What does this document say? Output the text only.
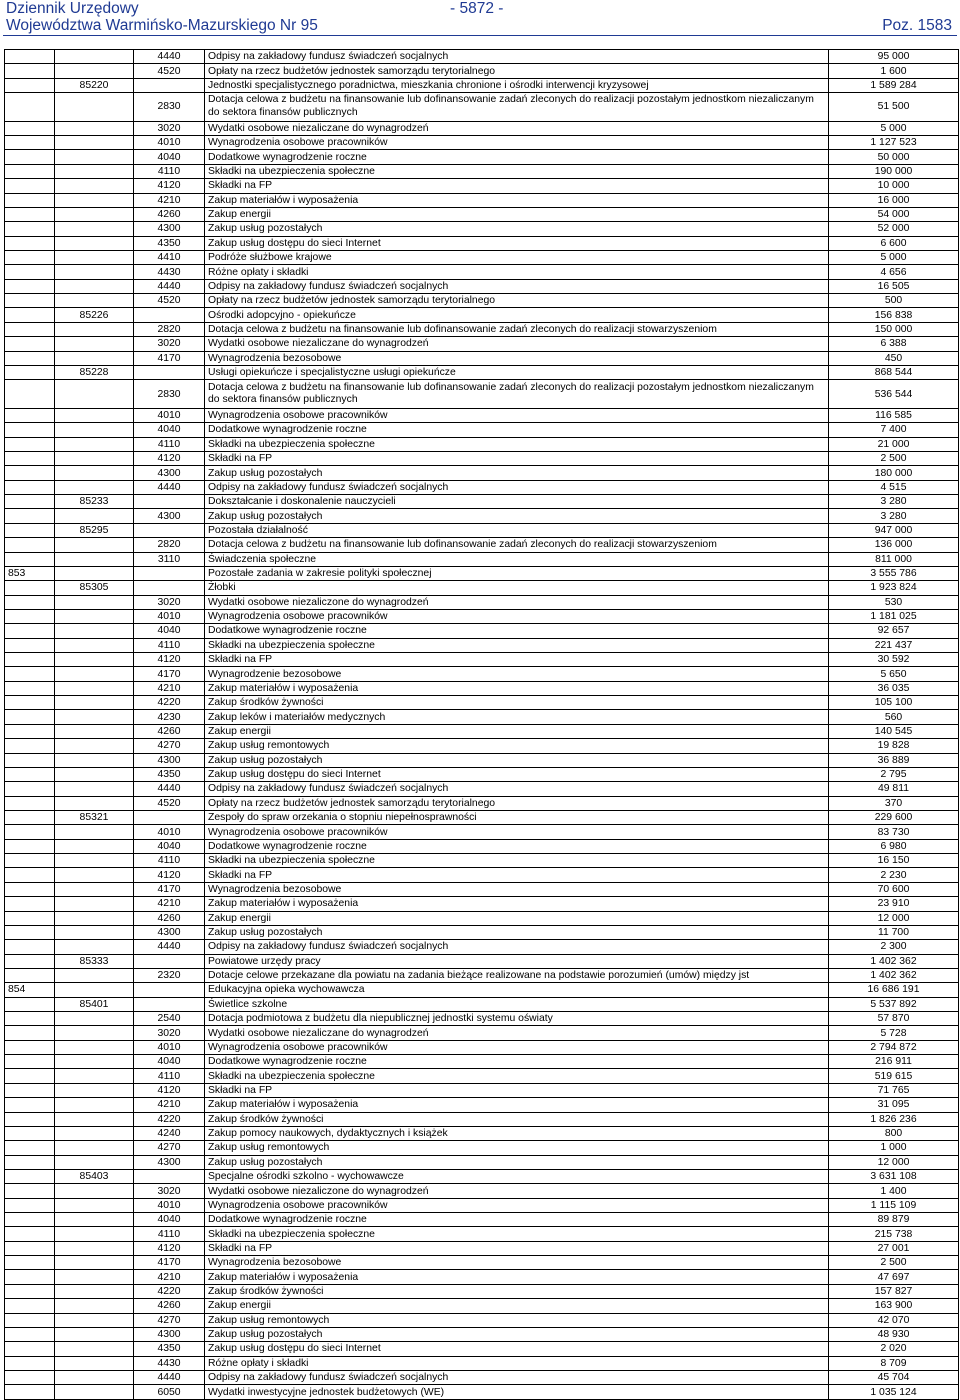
Dziennik Urzędowy
Województwa Warmińsko-Mazurskiego Nr 95
- 5872 -
Poz. 1583
		4440	Odpisy na zakładowy fundusz świadczeń socjalnych	95 000
		4520	Opłaty na rzecz budżetów jednostek samorządu terytorialnego	1 600
	85220		Jednostki specjalistycznego poradnictwa, mieszkania chronione i ośrodki interwencji kryzysowej	1 589 284
		2830	Dotacja celowa z budżetu na finansowanie lub dofinansowanie zadań zleconych do realizacji pozostałym jednostkom niezaliczanym do sektora finansów publicznych	51 500
		3020	Wydatki osobowe niezaliczane do wynagrodzeń	5 000
		4010	Wynagrodzenia osobowe pracowników	1 127 523
		4040	Dodatkowe wynagrodzenie roczne	50 000
		4110	Składki na ubezpieczenia społeczne	190 000
		4120	Składki na FP	10 000
		4210	Zakup materiałów i wyposażenia	16 000
		4260	Zakup energii	54 000
		4300	Zakup usług pozostałych	52 000
		4350	Zakup usług dostępu do sieci Internet	6 600
		4410	Podróże służbowe krajowe	5 000
		4430	Różne opłaty i składki	4 656
		4440	Odpisy na zakładowy fundusz świadczeń socjalnych	16 505
		4520	Opłaty na rzecz budżetów jednostek samorządu terytorialnego	500
	85226		Ośrodki adopcyjno - opiekuńcze	156 838
		2820	Dotacja celowa z budżetu na finansowanie lub dofinansowanie zadań zleconych do realizacji stowarzyszeniom	150 000
		3020	Wydatki osobowe niezaliczane do wynagrodzeń	6 388
		4170	Wynagrodzenia bezosobowe	450
	85228		Usługi opiekuńcze i specjalistyczne usługi opiekuńcze	868 544
		2830	Dotacja celowa z budżetu na finansowanie lub dofinansowanie zadań zleconych do realizacji pozostałym jednostkom niezaliczanym do sektora finansów publicznych	536 544
		4010	Wynagrodzenia osobowe pracowników	116 585
		4040	Dodatkowe wynagrodzenie roczne	7 400
		4110	Składki na ubezpieczenia społeczne	21 000
		4120	Składki na FP	2 500
		4300	Zakup usług pozostałych	180 000
		4440	Odpisy na zakładowy fundusz świadczeń socjalnych	4 515
	85233		Dokształcanie i doskonalenie nauczycieli	3 280
		4300	Zakup usług pozostałych	3 280
	85295		Pozostała działalność	947 000
		2820	Dotacja celowa z budżetu na finansowanie lub dofinansowanie zadań zleconych do realizacji stowarzyszeniom	136 000
		3110	Świadczenia społeczne	811 000
853			Pozostałe zadania w zakresie polityki społecznej	3 555 786
	85305		Żłobki	1 923 824
		3020	Wydatki osobowe niezaliczone do wynagrodzeń	530
		4010	Wynagrodzenia osobowe pracowników	1 181 025
		4040	Dodatkowe wynagrodzenie roczne	92 657
		4110	Składki na ubezpieczenia społeczne	221 437
		4120	Składki na FP	30 592
		4170	Wynagrodzenie bezosobowe	5 650
		4210	Zakup materiałów i wyposażenia	36 035
		4220	Zakup środków żywności	105 100
		4230	Zakup leków i materiałów medycznych	560
		4260	Zakup energii	140 545
		4270	Zakup usług remontowych	19 828
		4300	Zakup usług pozostałych	36 889
		4350	Zakup usług dostępu do sieci Internet	2 795
		4440	Odpisy na zakładowy fundusz świadczeń socjalnych	49 811
		4520	Opłaty na rzecz budżetów jednostek samorządu terytorialnego	370
	85321		Zespoły do spraw orzekania o stopniu niepełnosprawności	229 600
		4010	Wynagrodzenia osobowe pracowników	83 730
		4040	Dodatkowe wynagrodzenie roczne	6 980
		4110	Składki na ubezpieczenia społeczne	16 150
		4120	Składki na FP	2 230
		4170	Wynagrodzenia bezosobowe	70 600
		4210	Zakup materiałów i wyposażenia	23 910
		4260	Zakup energii	12 000
		4300	Zakup usług pozostałych	11 700
		4440	Odpisy na zakładowy fundusz świadczeń socjalnych	2 300
	85333		Powiatowe urzędy pracy	1 402 362
		2320	Dotacje celowe przekazane dla powiatu na zadania bieżące realizowane na podstawie porozumień (umów) między jst	1 402 362
854			Edukacyjna opieka wychowawcza	16 686 191
	85401		Świetlice szkolne	5 537 892
		2540	Dotacja podmiotowa z budżetu dla niepublicznej jednostki systemu oświaty	57 870
		3020	Wydatki osobowe niezaliczane do wynagrodzeń	5 728
		4010	Wynagrodzenia osobowe pracowników	2 794 872
		4040	Dodatkowe wynagrodzenie roczne	216 911
		4110	Składki na ubezpieczenia społeczne	519 615
		4120	Składki na FP	71 765
		4210	Zakup materiałów i wyposażenia	31 095
		4220	Zakup środków żywności	1 826 236
		4240	Zakup pomocy naukowych, dydaktycznych i książek	800
		4270	Zakup usług remontowych	1 000
		4300	Zakup usług pozostałych	12 000
	85403		Specjalne ośrodki szkolno - wychowawcze	3 631 108
		3020	Wydatki osobowe niezaliczone do wynagrodzeń	1 400
		4010	Wynagrodzenia osobowe pracowników	1 115 109
		4040	Dodatkowe wynagrodzenie roczne	89 879
		4110	Składki na ubezpieczenia społeczne	215 738
		4120	Składki na FP	27 001
		4170	Wynagrodzenia bezosobowe	2 500
		4210	Zakup materiałów i wyposażenia	47 697
		4220	Zakup środków żywności	157 827
		4260	Zakup energii	163 900
		4270	Zakup usług remontowych	42 070
		4300	Zakup usług pozostałych	48 930
		4350	Zakup usług dostępu do sieci Internet	2 020
		4430	Różne opłaty i składki	8 709
		4440	Odpisy na zakładowy fundusz świadczeń socjalnych	45 704
		6050	Wydatki inwestycyjne jednostek budżetowych (WE)	1 035 124
